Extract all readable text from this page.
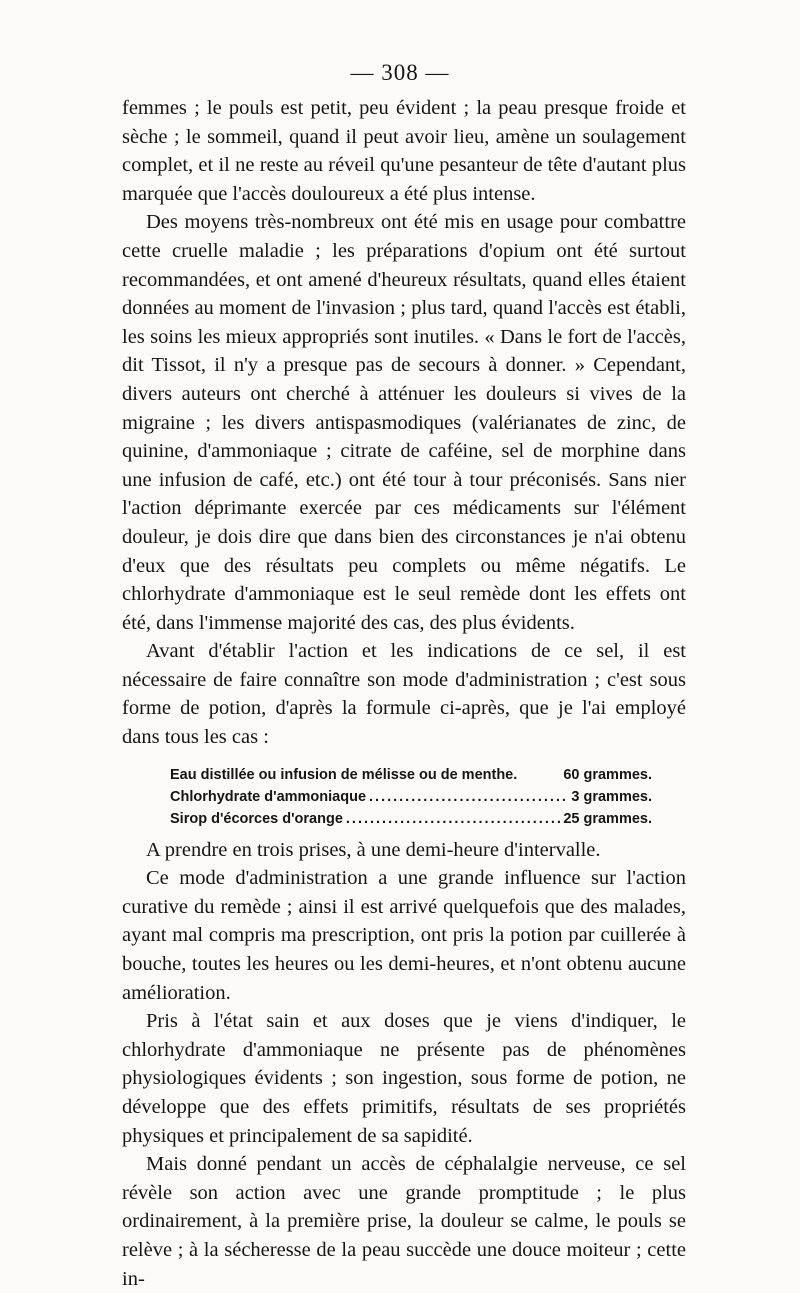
— 308 —

femmes ; le pouls est petit, peu évident ; la peau presque froide et sèche ; le sommeil, quand il peut avoir lieu, amène un soulagement complet, et il ne reste au réveil qu'une pesanteur de tête d'autant plus marquée que l'accès douloureux a été plus intense.

Des moyens très-nombreux ont été mis en usage pour combattre cette cruelle maladie ; les préparations d'opium ont été surtout recommandées, et ont amené d'heureux résultats, quand elles étaient données au moment de l'invasion ; plus tard, quand l'accès est établi, les soins les mieux appropriés sont inutiles. « Dans le fort de l'accès, dit Tissot, il n'y a presque pas de secours à donner. » Cependant, divers auteurs ont cherché à atténuer les douleurs si vives de la migraine ; les divers antispasmodiques (valérianates de zinc, de quinine, d'ammoniaque ; citrate de caféine, sel de morphine dans une infusion de café, etc.) ont été tour à tour préconisés. Sans nier l'action déprimante exercée par ces médicaments sur l'élément douleur, je dois dire que dans bien des circonstances je n'ai obtenu d'eux que des résultats peu complets ou même négatifs. Le chlorhydrate d'ammoniaque est le seul remède dont les effets ont été, dans l'immense majorité des cas, des plus évidents.

Avant d'établir l'action et les indications de ce sel, il est nécessaire de faire connaître son mode d'administration ; c'est sous forme de potion, d'après la formule ci-après, que je l'ai employé dans tous les cas :

Eau distillée ou infusion de mélisse ou de menthe.	60 grammes.
Chlorhydrate d'ammoniaque .....	3 grammes.
Sirop d'écorces d'orange .....	25 grammes.

A prendre en trois prises, à une demi-heure d'intervalle.

Ce mode d'administration a une grande influence sur l'action curative du remède ; ainsi il est arrivé quelquefois que des malades, ayant mal compris ma prescription, ont pris la potion par cuillerée à bouche, toutes les heures ou les demi-heures, et n'ont obtenu aucune amélioration.

Pris à l'état sain et aux doses que je viens d'indiquer, le chlorhydrate d'ammoniaque ne présente pas de phénomènes physiologiques évidents ; son ingestion, sous forme de potion, ne développe que des effets primitifs, résultats de ses propriétés physiques et principalement de sa sapidité.

Mais donné pendant un accès de céphalalgie nerveuse, ce sel révèle son action avec une grande promptitude ; le plus ordinairement, à la première prise, la douleur se calme, le pouls se relève ; à la sécheresse de la peau succède une douce moiteur ; cette in-
